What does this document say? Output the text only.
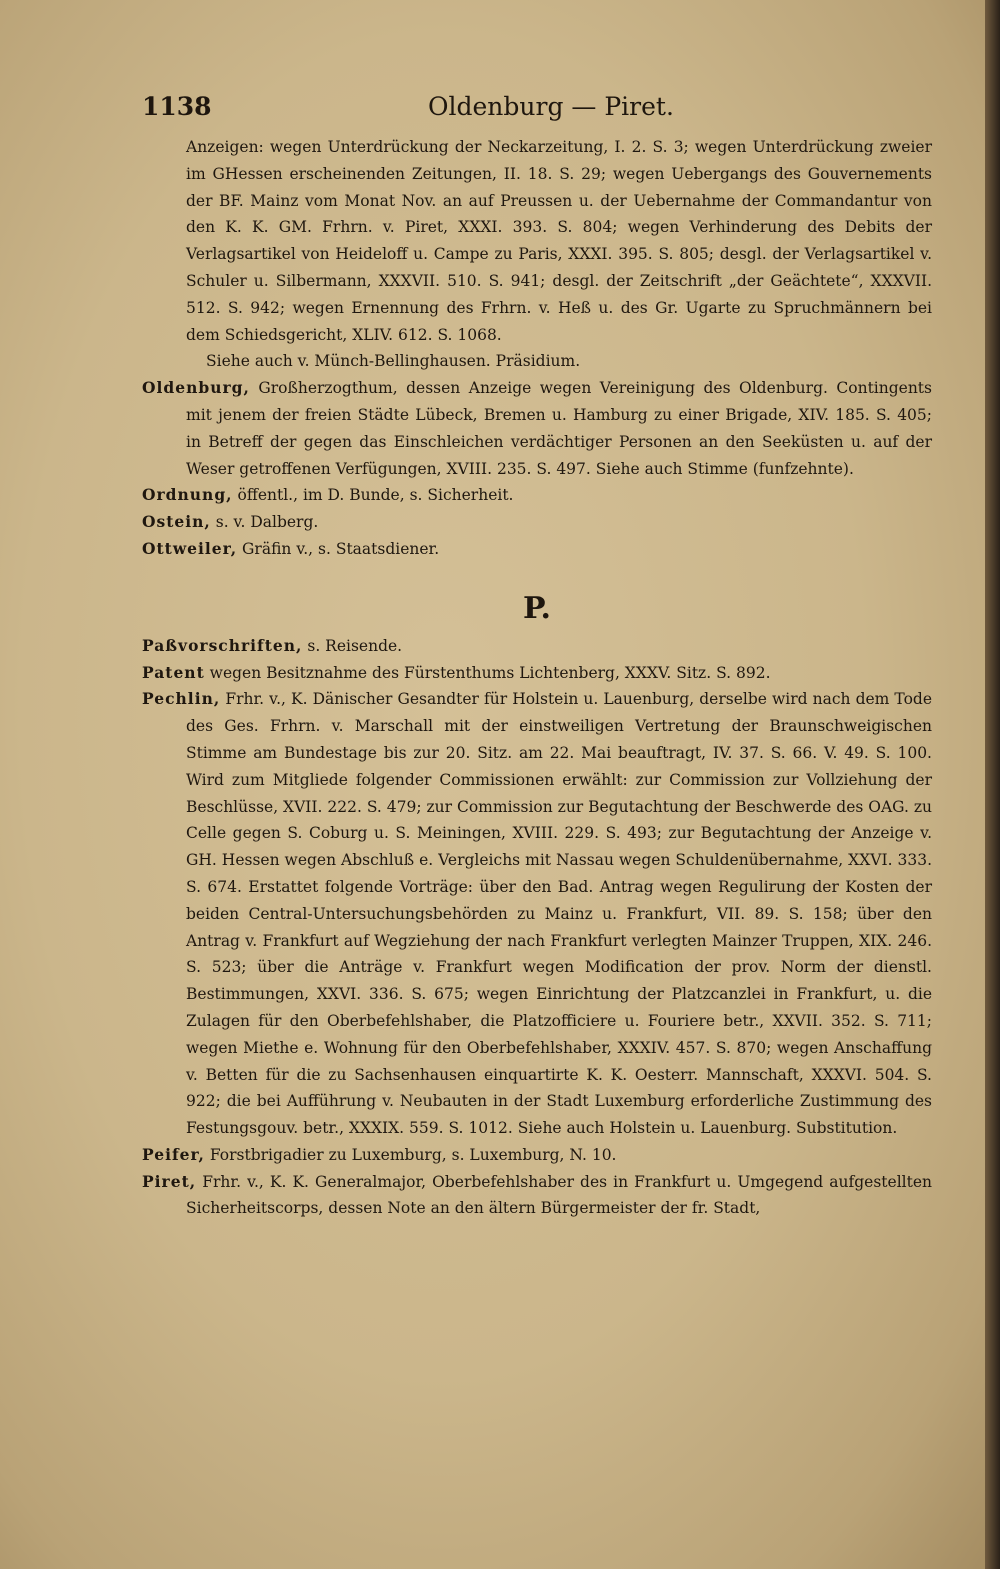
1138	Oldenburg — Piret.

Anzeigen: wegen Unterdrückung der Neckarzeitung, I. 2. S. 3; wegen Unterdrückung zweier im GHessen erscheinenden Zeitungen, II. 18. S. 29; wegen Uebergangs des Gouvernements der BF. Mainz vom Monat Nov. an auf Preussen u. der Uebernahme der Commandantur von den K. K. GM. Frhrn. v. Piret, XXXI. 393. S. 804; wegen Verhinderung des Debits der Verlagsartikel von Heideloff u. Campe zu Paris, XXXI. 395. S. 805; desgl. der Verlagsartikel v. Schuler u. Silbermann, XXXVII. 510. S. 941; desgl. der Zeitschrift „der Geächtete“, XXXVII. 512. S. 942; wegen Ernennung des Frhrn. v. Heß u. des Gr. Ugarte zu Spruchmännern bei dem Schiedsgericht, XLIV. 612. S. 1068.

Siehe auch v. Münch-Bellinghausen. Präsidium.

Oldenburg, Großherzogthum, dessen Anzeige wegen Vereinigung des Oldenburg. Contingents mit jenem der freien Städte Lübeck, Bremen u. Hamburg zu einer Brigade, XIV. 185. S. 405; in Betreff der gegen das Einschleichen verdächtiger Personen an den Seeküsten u. auf der Weser getroffenen Verfügungen, XVIII. 235. S. 497. Siehe auch Stimme (funfzehnte).

Ordnung, öffentl., im D. Bunde, s. Sicherheit.

Ostein, s. v. Dalberg.

Ottweiler, Gräfin v., s. Staatsdiener.

P.

Paßvorschriften, s. Reisende.

Patent wegen Besitznahme des Fürstenthums Lichtenberg, XXXV. Sitz. S. 892.

Pechlin, Frhr. v., K. Dänischer Gesandter für Holstein u. Lauenburg, derselbe wird nach dem Tode des Ges. Frhrn. v. Marschall mit der einstweiligen Vertretung der Braunschweigischen Stimme am Bundestage bis zur 20. Sitz. am 22. Mai beauftragt, IV. 37. S. 66. V. 49. S. 100. Wird zum Mitgliede folgender Commissionen erwählt: zur Commission zur Vollziehung der Beschlüsse, XVII. 222. S. 479; zur Commission zur Begutachtung der Beschwerde des OAG. zu Celle gegen S. Coburg u. S. Meiningen, XVIII. 229. S. 493; zur Begutachtung der Anzeige v. GH. Hessen wegen Abschluß e. Vergleichs mit Nassau wegen Schuldenübernahme, XXVI. 333. S. 674. Erstattet folgende Vorträge: über den Bad. Antrag wegen Regulirung der Kosten der beiden Central-Untersuchungsbehörden zu Mainz u. Frankfurt, VII. 89. S. 158; über den Antrag v. Frankfurt auf Wegziehung der nach Frankfurt verlegten Mainzer Truppen, XIX. 246. S. 523; über die Anträge v. Frankfurt wegen Modification der prov. Norm der dienstl. Bestimmungen, XXVI. 336. S. 675; wegen Einrichtung der Platzcanzlei in Frankfurt, u. die Zulagen für den Oberbefehlshaber, die Platzofficiere u. Fouriere betr., XXVII. 352. S. 711; wegen Miethe e. Wohnung für den Oberbefehlshaber, XXXIV. 457. S. 870; wegen Anschaffung v. Betten für die zu Sachsenhausen einquartirte K. K. Oesterr. Mannschaft, XXXVI. 504. S. 922; die bei Aufführung v. Neubauten in der Stadt Luxemburg erforderliche Zustimmung des Festungsgouv. betr., XXXIX. 559. S. 1012. Siehe auch Holstein u. Lauenburg. Substitution.

Peifer, Forstbrigadier zu Luxemburg, s. Luxemburg, N. 10.

Piret, Frhr. v., K. K. Generalmajor, Oberbefehlshaber des in Frankfurt u. Umgegend aufgestellten Sicherheitscorps, dessen Note an den ältern Bürgermeister der fr. Stadt,
